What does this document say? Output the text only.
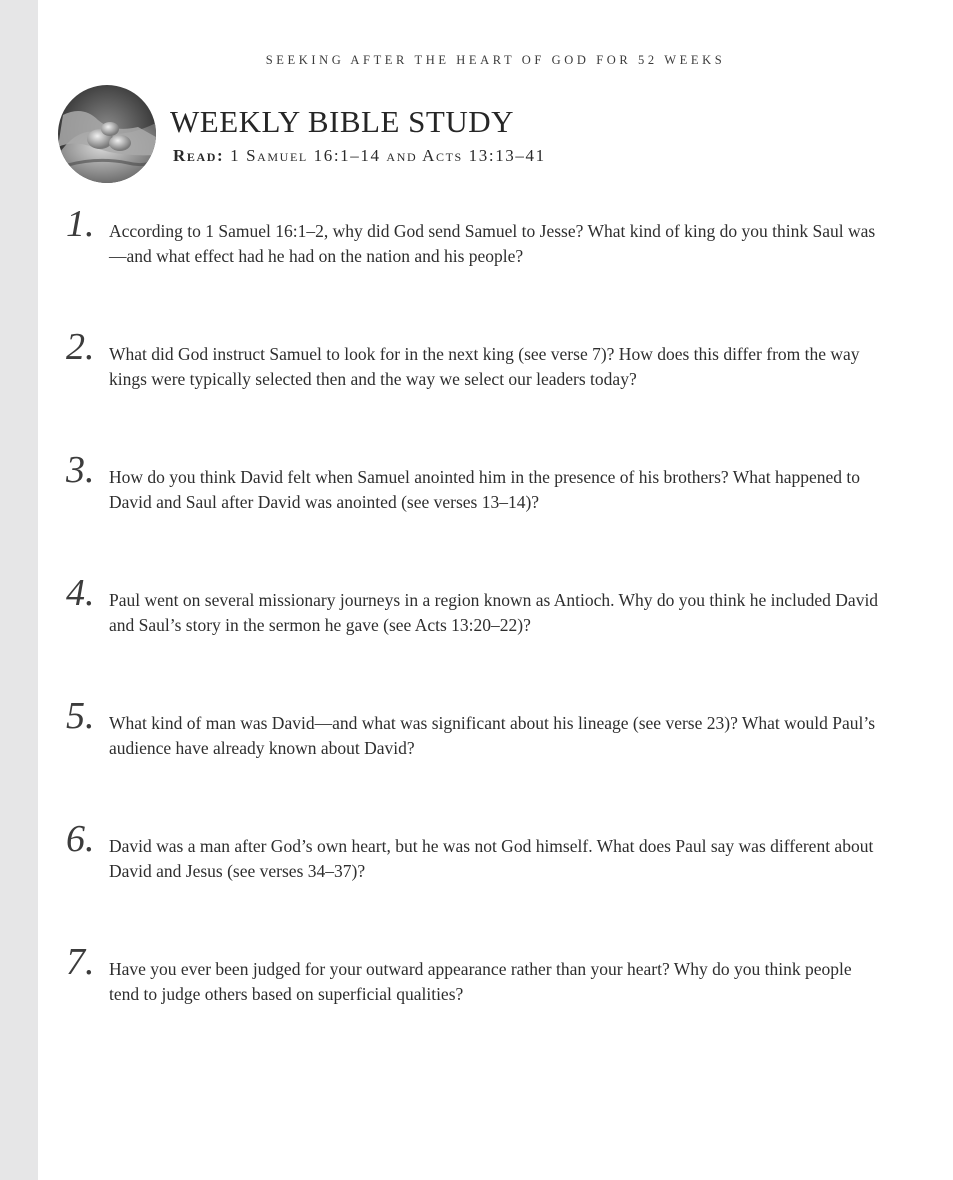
SEEKING AFTER THE HEART OF GOD FOR 52 WEEKS
WEEKLY BIBLE STUDY
Read: 1 Samuel 16:1–14 and Acts 13:13–41
1. According to 1 Samuel 16:1–2, why did God send Samuel to Jesse? What kind of king do you think Saul was—and what effect had he had on the nation and his people?
2. What did God instruct Samuel to look for in the next king (see verse 7)? How does this differ from the way kings were typically selected then and the way we select our leaders today?
3. How do you think David felt when Samuel anointed him in the presence of his brothers? What happened to David and Saul after David was anointed (see verses 13–14)?
4. Paul went on several missionary journeys in a region known as Antioch. Why do you think he included David and Saul’s story in the sermon he gave (see Acts 13:20–22)?
5. What kind of man was David—and what was significant about his lineage (see verse 23)? What would Paul’s audience have already known about David?
6. David was a man after God’s own heart, but he was not God himself. What does Paul say was different about David and Jesus (see verses 34–37)?
7. Have you ever been judged for your outward appearance rather than your heart? Why do you think people tend to judge others based on superficial qualities?
